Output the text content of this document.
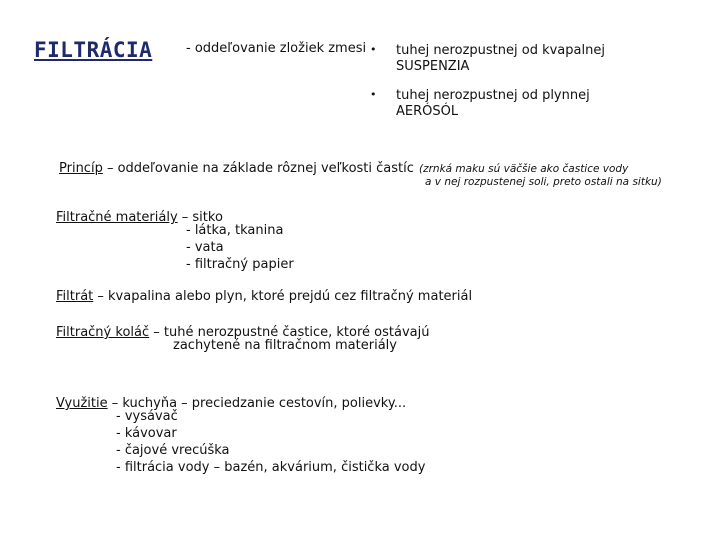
FILTRÁCIA	- oddeľovanie zložiek zmesi • tuhej nerozpustnej od kvapalnej
SUSPENZIA
• tuhej nerozpustnej od plynnej
AERÓSÓL
Princíp – oddeľovanie na základe rôznej veľkosti častíc (zrnká maku sú väčšie ako častice vody
a v nej rozpustenej soli, preto ostali na sitku)
Filtračné materiály – sitko
- látka, tkanina
- vata
- filtračný papier
Filtrát – kvapalina alebo plyn, ktoré prejdú cez filtračný materiál
Filtračný koláč – tuhé nerozpustné častice, ktoré ostávajú
zachytené na filtračnom materiály
Využitie – kuchyňa – preciedzanie cestovín, polievky...
- vysávač
- kávovar
- čajové vrecúška
- filtrácia vody – bazén, akvárium, čistička vody
